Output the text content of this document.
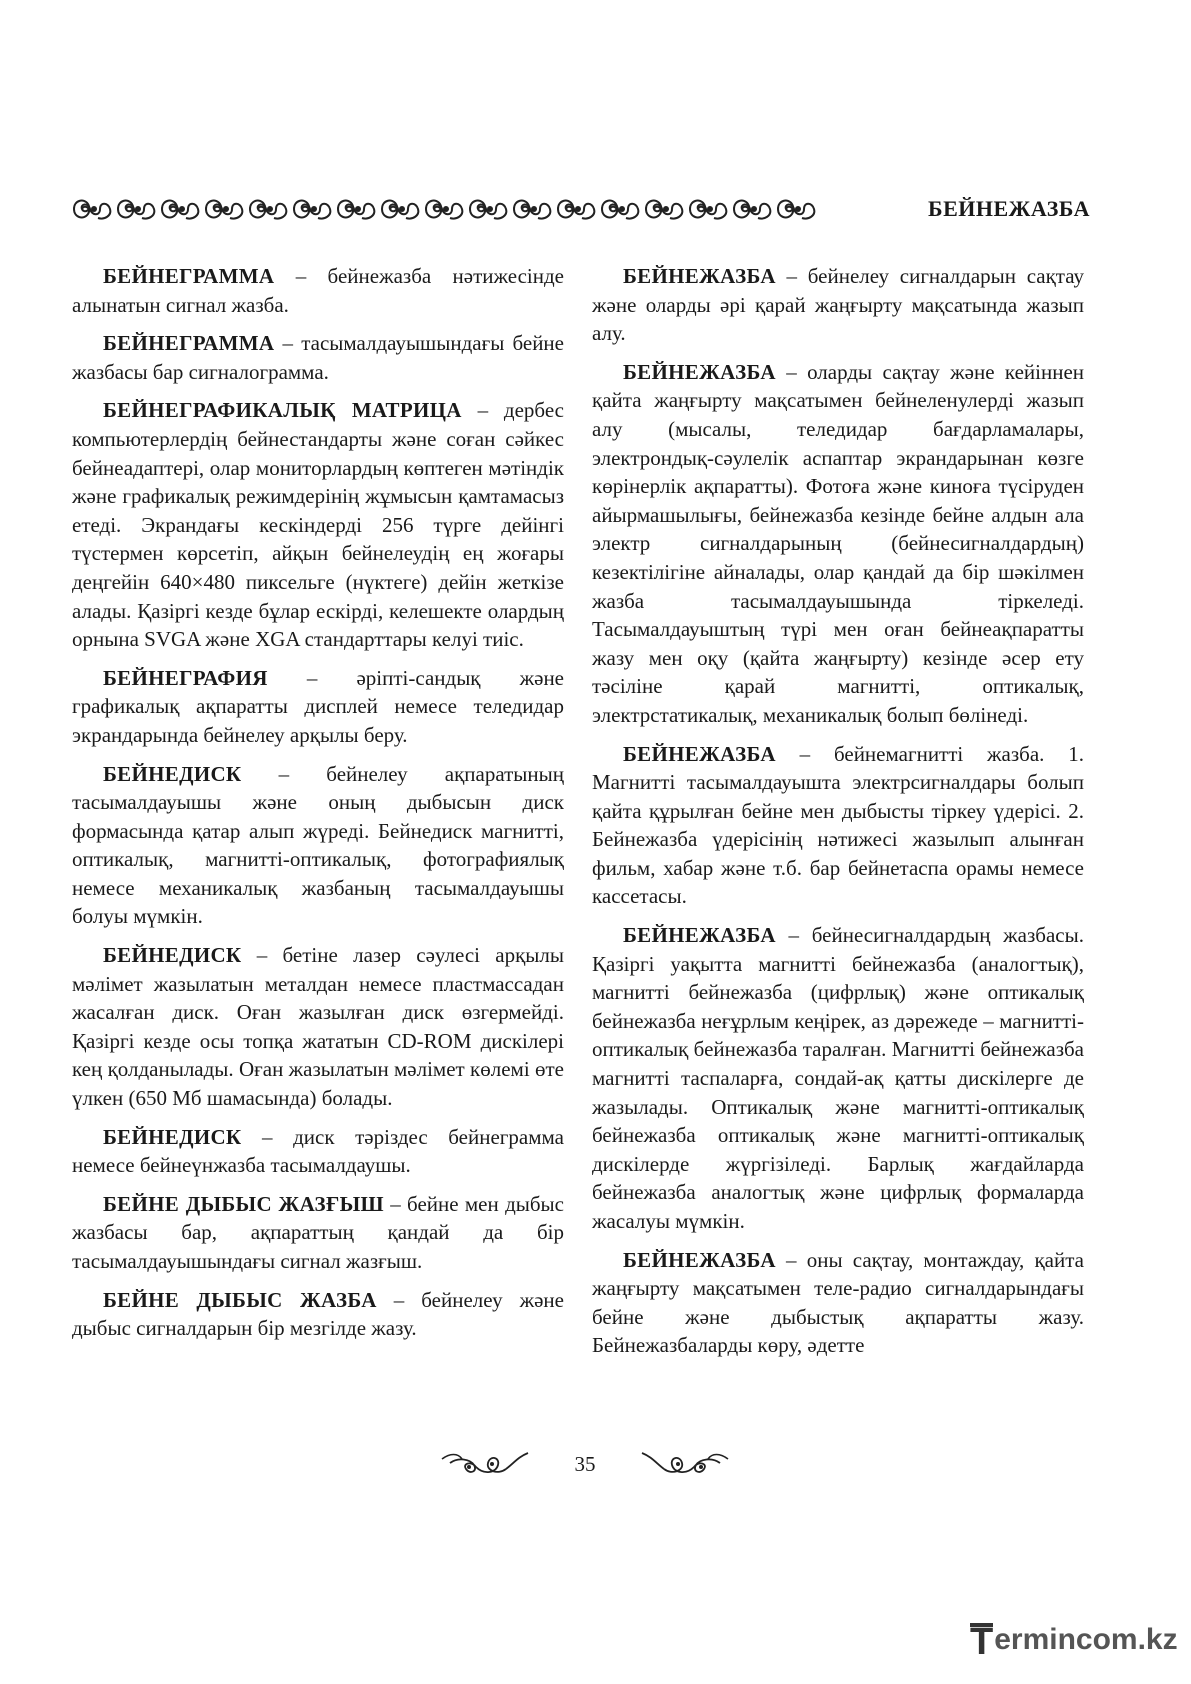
БЕЙНЕЖАЗБА

БЕЙНЕГРАММА – бейнежазба нәтижесінде алынатын сигнал жазба.

БЕЙНЕГРАММА – тасымалдауышындағы бейне жазбасы бар сигналограмма.

БЕЙНЕГРАФИКАЛЫҚ МАТРИЦА – дербес компьютерлердің бейнестандарты және соған сәйкес бейнеадаптері, олар мониторлардың көптеген мәтіндік және графикалық режимдерінің жұмысын қамтамасыз етеді. Экрандағы кескіндерді 256 түрге дейінгі түстермен көрсетіп, айқын бейнелеудің ең жоғары деңгейін 640×480 пиксельге (нүктеге) дейін жеткізе алады. Қазіргі кезде бұлар ескірді, келешекте олардың орнына SVGA және XGA стандарттары келуі тиіс.

БЕЙНЕГРАФИЯ – әріпті-сандық және графикалық ақпаратты дисплей немесе теледидар экрандарында бейнелеу арқылы беру.

БЕЙНЕДИСК – бейнелеу ақпаратының тасымалдауышы және оның дыбысын диск формасында қатар алып жүреді. Бейнедиск магнитті, оптикалық, магнитті-оптикалық, фотографиялық немесе механикалық жазбаның тасымалдауышы болуы мүмкін.

БЕЙНЕДИСК – бетіне лазер сәулесі арқылы мәлімет жазылатын металдан немесе пластмассадан жасалған диск. Оған жазылған диск өзгермейді. Қазіргі кезде осы топқа жататын CD-ROM дискілері кең қолданылады. Оған жазылатын мәлімет көлемі өте үлкен (650 Мб шамасында) болады.

БЕЙНЕДИСК – диск тәріздес бейнеграмма немесе бейнеүнжазба тасымалдаушы.

БЕЙНЕ ДЫБЫС ЖАЗҒЫШ – бейне мен дыбыс жазбасы бар, ақпараттың қандай да бір тасымалдауышындағы сигнал жазғыш.

БЕЙНЕ ДЫБЫС ЖАЗБА – бейнелеу және дыбыс сигналдарын бір мезгілде жазу.

БЕЙНЕЖАЗБА – бейнелеу сигналдарын сақтау және оларды әрі қарай жаңғырту мақсатында жазып алу.

БЕЙНЕЖАЗБА – оларды сақтау және кейіннен қайта жаңғырту мақсатымен бейнеленулерді жазып алу (мысалы, теледидар бағдарламалары, электрондық-сәулелік аспаптар экрандарынан көзге көрінерлік ақпаратты). Фотоға және киноға түсіруден айырмашылығы, бейнежазба кезінде бейне алдын ала электр сигналдарының (бейнесигналдардың) кезектілігіне айналады, олар қандай да бір шәкілмен жазба тасымалдауышында тіркеледі. Тасымалдауыштың түрі мен оған бейнеақпаратты жазу мен оқу (қайта жаңғырту) кезінде әсер ету тәсіліне қарай магнитті, оптикалық, электрстатикалық, механикалық болып бөлінеді.

БЕЙНЕЖАЗБА – бейнемагнитті жазба. 1. Магнитті тасымалдауышта электрсигналдары болып қайта құрылған бейне мен дыбысты тіркеу үдерісі. 2. Бейнежазба үдерісінің нәтижесі жазылып алынған фильм, хабар және т.б. бар бейнетаспа орамы немесе кассетасы.

БЕЙНЕЖАЗБА – бейнесигналдардың жазбасы. Қазіргі уақытта магнитті бейнежазба (аналогтық), магнитті бейнежазба (цифрлық) және оптикалық бейнежазба неғұрлым кеңірек, аз дәрежеде – магнитті-оптикалық бейнежазба таралған. Магнитті бейнежазба магнитті таспаларға, сондай-ақ қатты дискілерге де жазылады. Оптикалық және магнитті-оптикалық бейнежазба оптикалық және магнитті-оптикалық дискілерде жүргізіледі. Барлық жағдайларда бейнежазба аналогтық және цифрлық формаларда жасалуы мүмкін.

БЕЙНЕЖАЗБА – оны сақтау, монтаждау, қайта жаңғырту мақсатымен теле-радио сигналдарындағы бейне және дыбыстық ақпаратты жазу. Бейнежазбаларды көру, әдетте

35
T ermincom.kz
